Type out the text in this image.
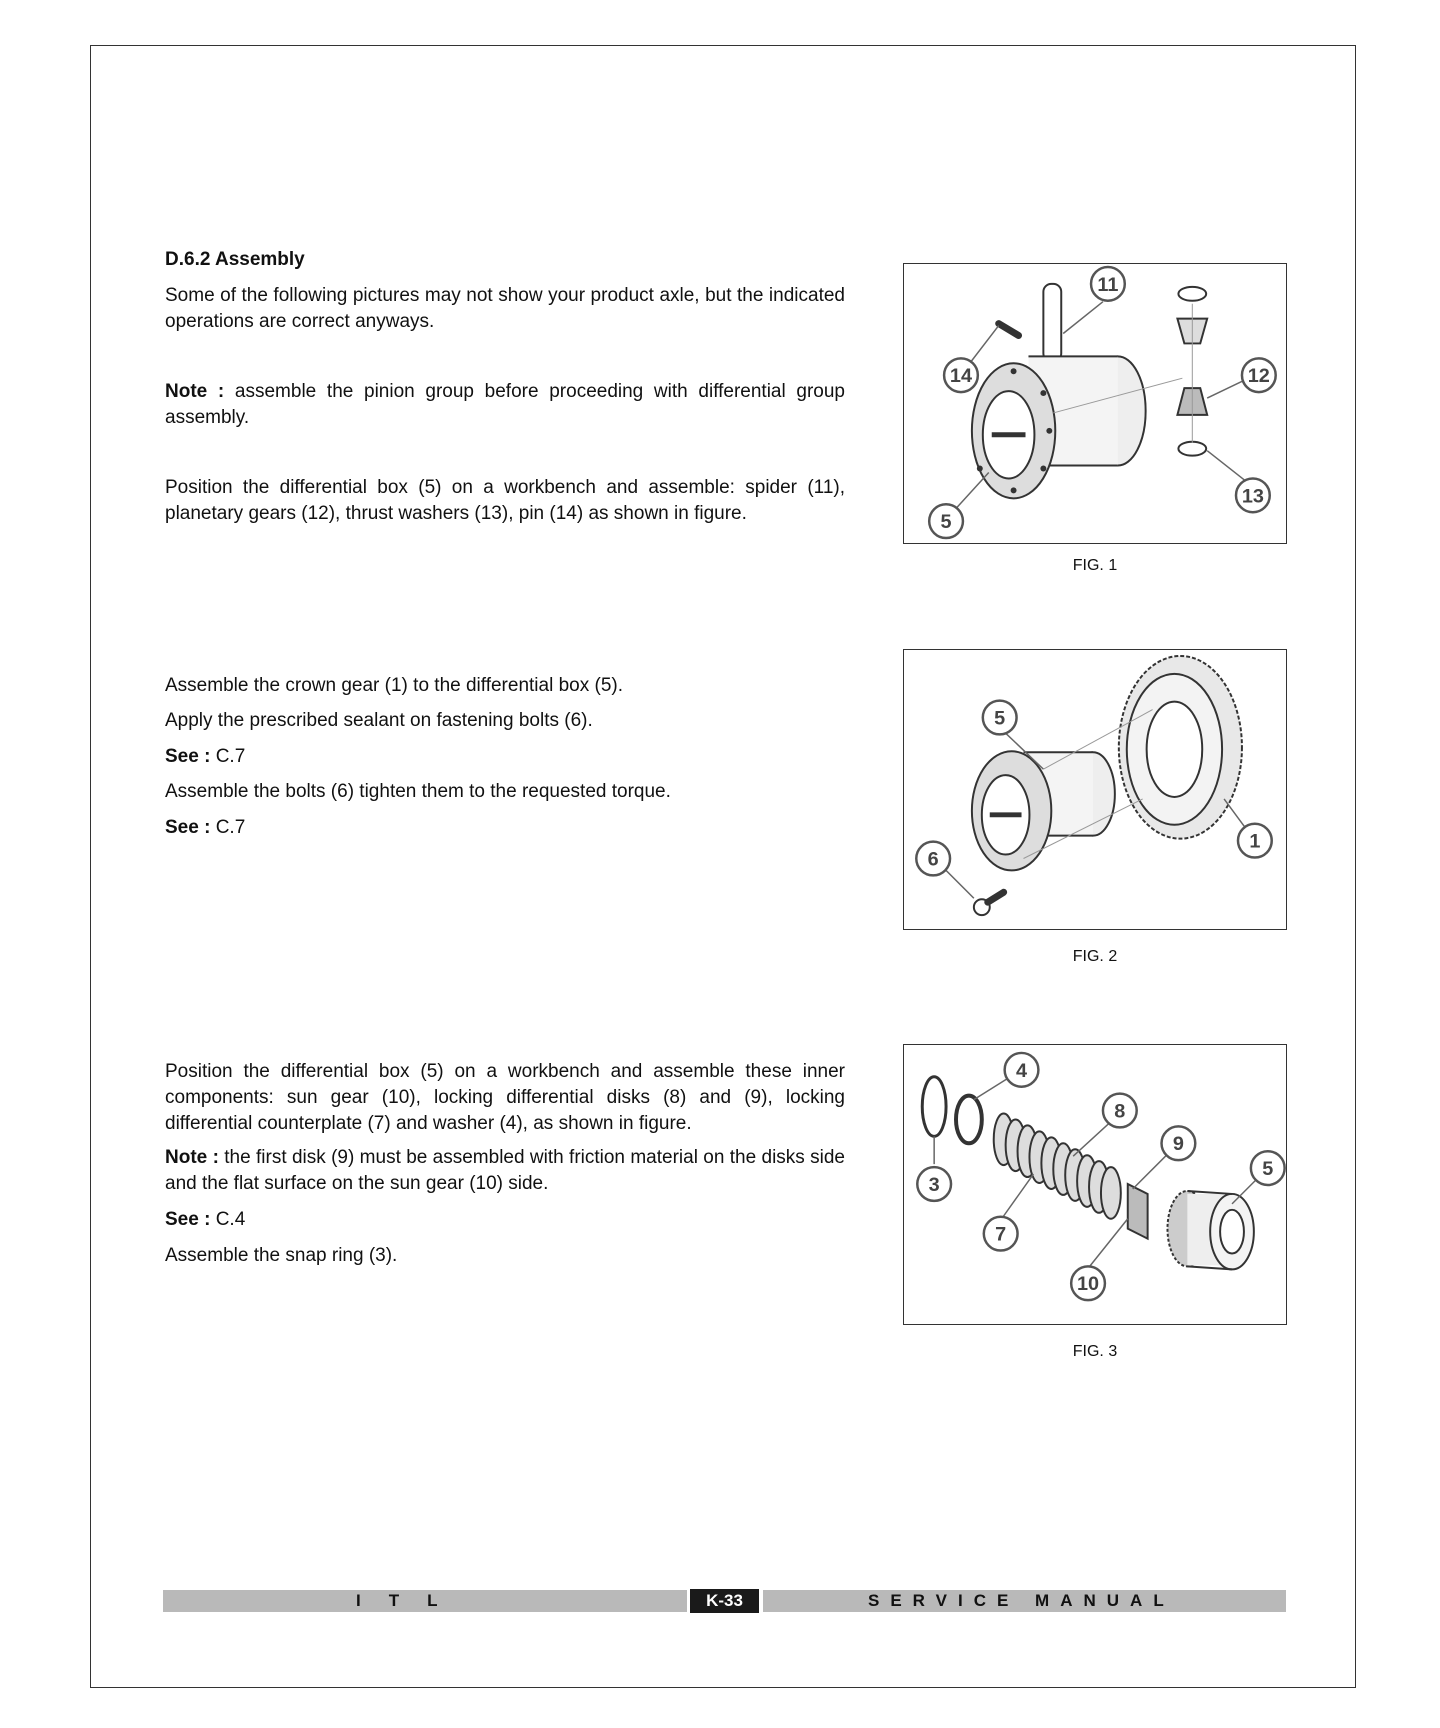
D.6.2 Assembly
Some of the following pictures may not show your product axle, but the indicated operations are correct anyways.
Note : assemble the pinion group before proceeding with differential group assembly.
Position the differential box (5) on a workbench and assemble: spider (11), planetary gears (12), thrust washers (13), pin (14) as shown in figure.
11
14	12
5
13
FIG. 1
Assemble the crown gear (1) to the differential box (5).
Apply the prescribed sealant on fastening bolts (6).
See : C.7
Assemble the bolts (6) tighten them to the requested torque.
See : C.7
5
6
1
FIG. 2
Position the differential box (5) on a workbench and assemble these inner components: sun gear (10), locking differential disks (8) and (9), locking differential counterplate (7) and washer (4), as shown in figure.
Note : the first disk (9) must be assembled with friction material on the disks side and the flat surface on the sun gear (10) side.
See : C.4
Assemble the snap ring (3).
4
8
9
5
3
7
10
FIG. 3
ITL	K-33	SERVICE MANUAL
